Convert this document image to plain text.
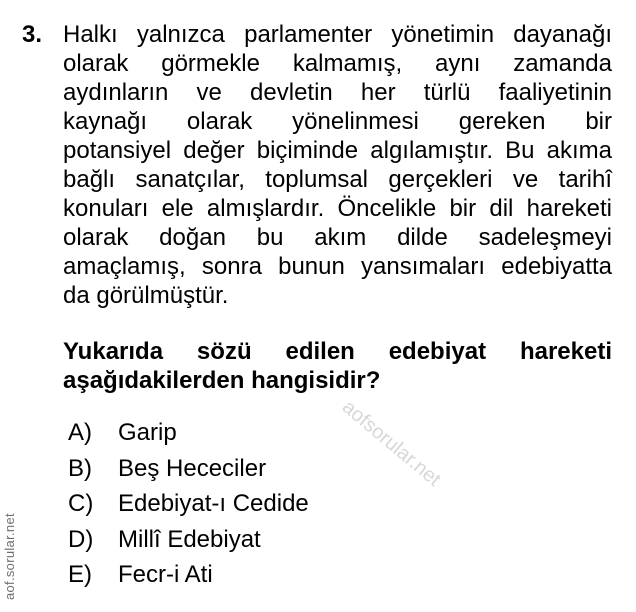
3. Halkı yalnızca parlamenter yönetimin dayanağı
olarak görmekle kalmamış, aynı zamanda
aydınların ve devletin her türlü faaliyetinin
kaynağı olarak yönelinmesi gereken bir
potansiyel değer biçiminde algılamıştır. Bu akıma
bağlı sanatçılar, toplumsal gerçekleri ve tarihî
konuları ele almışlardır. Öncelikle bir dil hareketi
olarak doğan bu akım dilde sadeleşmeyi
amaçlamış, sonra bunun yansımaları edebiyatta
da görülmüştür.
Yukarıda sözü edilen edebiyat hareketi
aşağıdakilerden hangisidir?
A)	Garip
B)	Beş Hececiler
C)	Edebiyat-ı Cedide
D)	Millî Edebiyat
E)	Fecr-i Ati
aof.sorular.net
aofsorular.net
